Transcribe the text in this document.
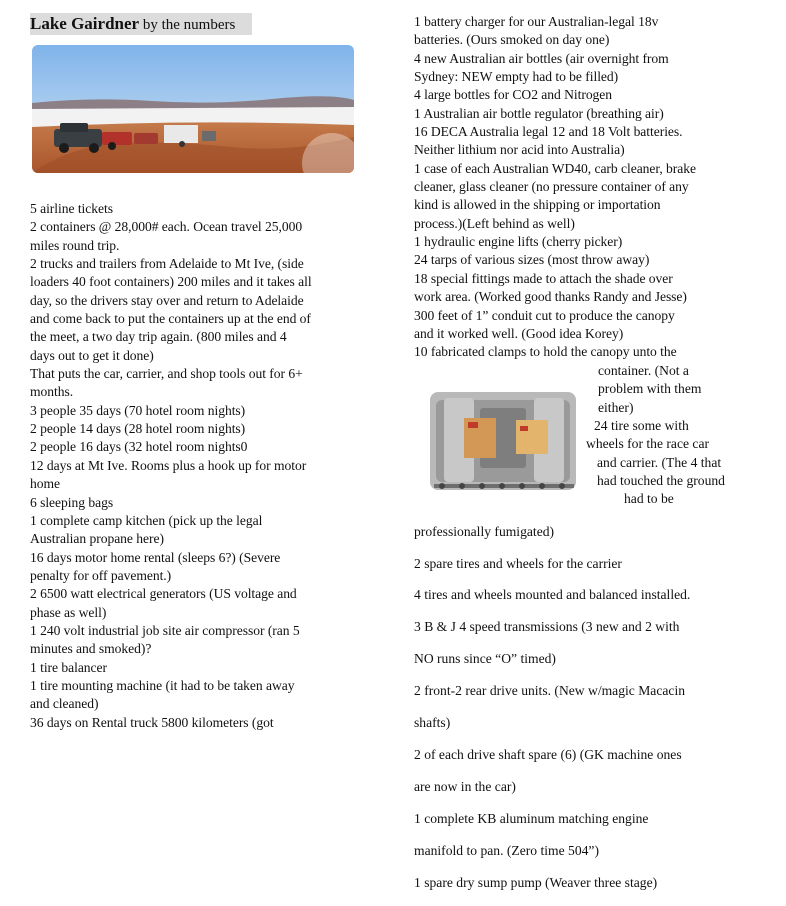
Lake Gairdner by the numbers

5 airline tickets

2 containers @ 28,000# each. Ocean travel 25,000

miles round trip.

2 trucks and trailers from Adelaide to Mt Ive, (side

loaders 40 foot containers) 200 miles and it takes all

day, so the drivers stay over and return to Adelaide

and come back to put the containers up at the end of

the meet, a two day trip again. (800 miles and 4

days out to get it done)

That puts the car, carrier, and shop tools out for 6+

months.

3 people 35 days (70 hotel room nights)

2 people 14 days (28 hotel room nights)

2 people 16 days (32 hotel room nights0

12 days at Mt Ive. Rooms plus a hook up for motor

home

6 sleeping bags

1 complete camp kitchen (pick up the legal

Australian propane here)

16 days motor home rental (sleeps 6?) (Severe

penalty for off pavement.)

2 6500 watt electrical generators (US voltage and

phase as well)

1 240 volt industrial job site air compressor (ran 5

minutes and smoked)?

1 tire balancer

1 tire mounting machine (it had to be taken away

and cleaned)

36 days on Rental truck 5800 kilometers (got

1 battery charger for our Australian-legal 18v

batteries. (Ours smoked on day one)

4 new Australian air bottles (air overnight from

Sydney: NEW empty had to be filled)

4 large bottles for CO2 and Nitrogen

1 Australian air bottle regulator (breathing air)

16 DECA Australia legal 12 and 18 Volt batteries.

Neither lithium nor acid into Australia)

1 case of each Australian WD40, carb cleaner, brake

cleaner, glass cleaner (no pressure container of any

kind is allowed in the shipping or importation

process.)(Left behind as well)

1 hydraulic engine lifts (cherry picker)

24 tarps of various sizes (most throw away)

18 special fittings made to attach the shade over

work area. (Worked good thanks Randy and Jesse)

300 feet of 1” conduit cut to produce the canopy

and it worked well. (Good idea Korey)

10 fabricated clamps to hold the canopy unto the

container. (Not a

problem with them

either)

24 tire some with

wheels for the race car

and carrier. (The 4 that

had touched the ground

had to be

professionally fumigated)

2 spare tires and wheels for the carrier

4 tires and wheels mounted and balanced installed.

3 B & J 4 speed transmissions (3 new and 2 with

NO runs since “O” timed)

2 front-2 rear drive units. (New w/magic Macacin

shafts)

2 of each drive shaft spare (6) (GK machine ones

are now in the car)

1 complete KB aluminum matching engine

manifold to pan. (Zero time 504”)

1 spare dry sump pump (Weaver three stage)
